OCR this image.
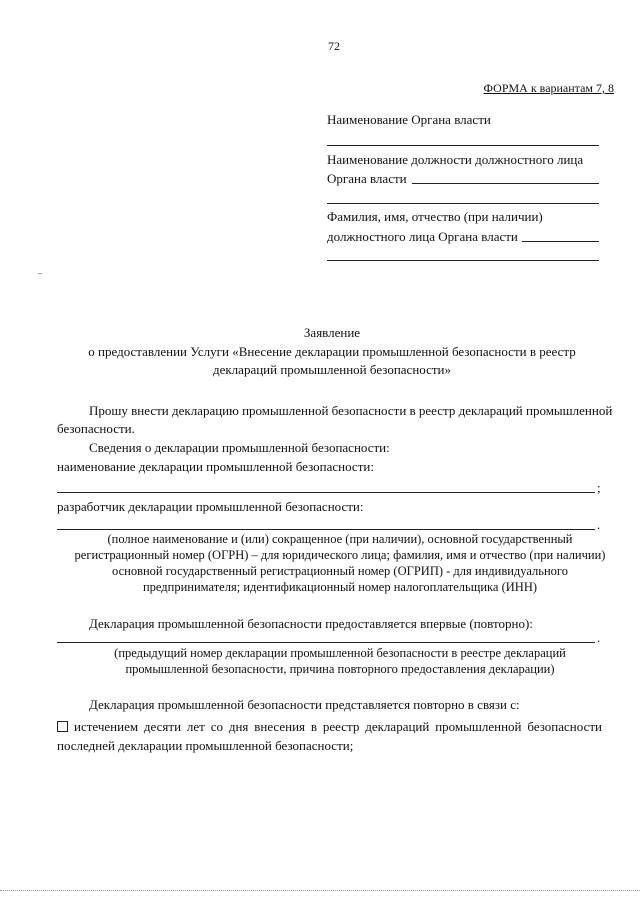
72
ФОРМА к вариантам 7, 8
Наименование Органа власти
Наименование должности должностного лица
Органа власти
Фамилия, имя, отчество (при наличии)
должностного лица Органа власти
Заявление
о предоставлении Услуги «Внесение декларации промышленной безопасности в реестр
деклараций промышленной безопасности»
Прошу внести декларацию промышленной безопасности в реестр деклараций промышленной
безопасности.
Сведения о декларации промышленной безопасности:
наименование декларации промышленной безопасности:
;
разработчик декларации промышленной безопасности:
.
(полное наименование и (или) сокращенное (при наличии), основной государственный
регистрационный номер (ОГРН) – для юридического лица; фамилия, имя и отчество (при наличии)
основной государственный регистрационный номер (ОГРИП) - для индивидуального
предпринимателя; идентификационный номер налогоплательщика (ИНН)
Декларация промышленной безопасности предоставляется впервые (повторно):
.
(предыдущий номер декларации промышленной безопасности в реестре деклараций
промышленной безопасности, причина повторного предоставления декларации)
Декларация промышленной безопасности представляется повторно в связи с:
истечением десяти лет со дня внесения в реестр деклараций промышленной безопасности
последней декларации промышленной безопасности;
